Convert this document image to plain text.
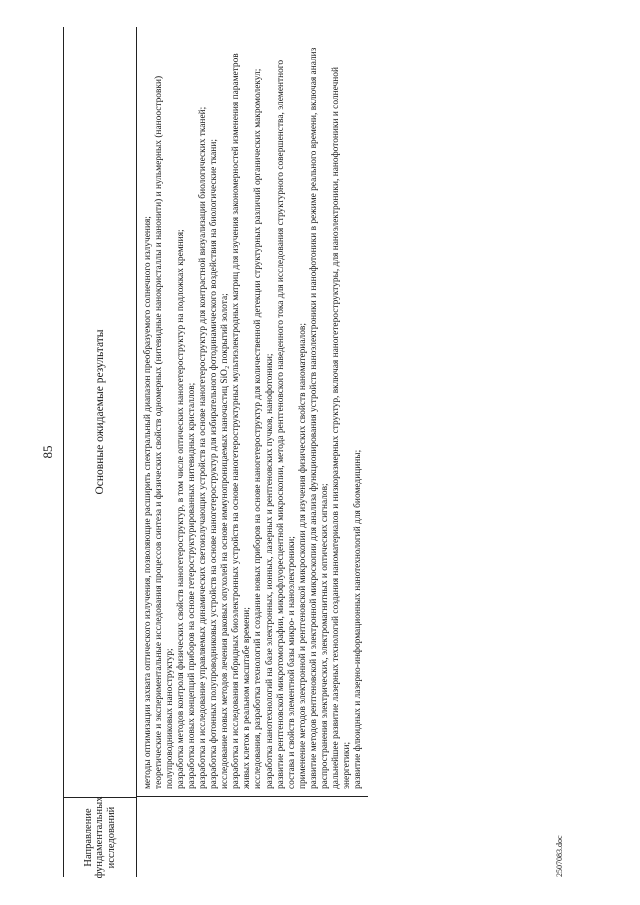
85
Направление фундаментальных исследований
Основные ожидаемые результаты	методы оптимизации захвата оптического излучения, позволяющие расширить спектральный диапазон преобразуемого солнечного излучения; теоретические и экспериментальные исследования процессов синтеза и физических свойств одномерных (нитевидные нанокристаллы и нанонити) и нульмерных (наноостровки) полупроводниковых наноструктур; разработка методов контроля физических свойств наногетероструктур, в том числе оптических наногетероструктур на подложках кремния; разработка новых концепций приборов на основе гетероструктурированных нитевидных кристаллов; разработка и исследование управляемых динамических светоизлучающих устройств на основе наногетероструктур для контрастной визуализации биологических тканей; разработка фотонных полупроводниковых устройств на основе наногетероструктур для избирательного фотодинамического воздействия на биологические ткани; исследование новых методов лечения раковых опухолей на основе иммунопроницаемых наночастиц SiO₂ покрытий золота; разработка и исследования гибридных биоэлектронных устройств на основе наногетероструктурных мультиэлектродных матриц для изучения закономерностей изменения параметров живых клеток в реальном масштабе времени; исследования, разработка технологий и создание новых приборов на основе наногетероструктур для количественной детекции структурных различий органических макромолекул; разработка нанотехнологий на базе электронных, ионных, лазерных и рентгеновских пучков, нанофотоники; развитие рентгеновской микротомографии, микрофлуоресцентной микроскопии, метода рентгеновского наведенного тока для исследования структурного совершенства, элементного состава и свойств элементной базы микро- и наноэлектроники; применение методов электронной и рентгеновской микроскопии для изучения физических свойств наноматериалов; развитие методов рентгеновской и электронной микроскопии для анализа функционирования устройств наноэлектроники и нанофотоники в режиме реального времени, включая анализ распространения электрических, электромагнитных и оптических сигналов; дальнейшее развитие лазерных технологий создания наноматериалов и низкоразмерных структур, включая наногетероструктуры, для наноэлектроники, нанофотоники и солнечной энергетики; развитие флюидных и лазерно-информационных нанотехнологий для биомедицины;

2507083.doc
